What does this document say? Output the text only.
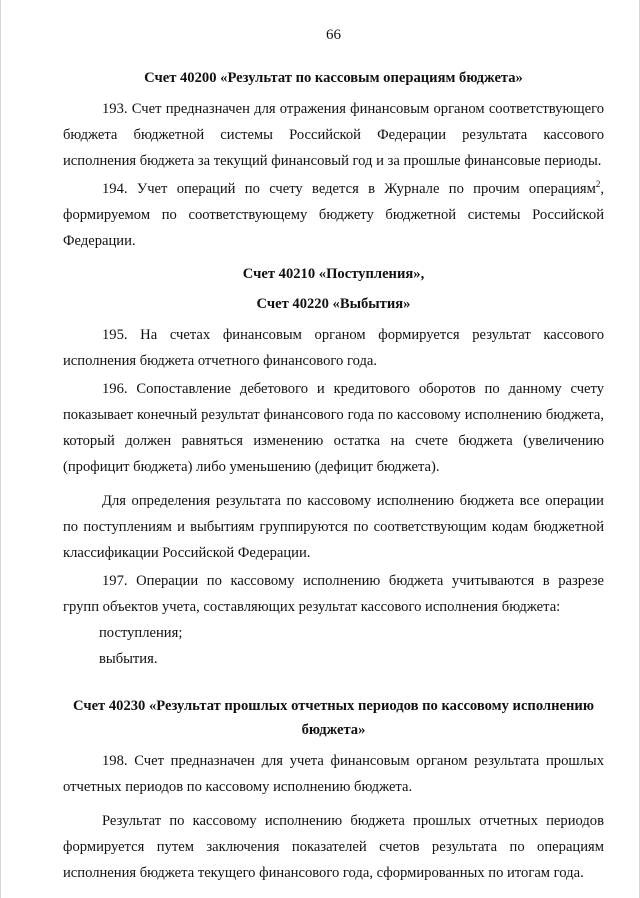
66
Счет 40200 «Результат по кассовым операциям бюджета»

193. Счет предназначен для отражения финансовым органом соответствующего бюджета бюджетной системы Российской Федерации результата кассового исполнения бюджета за текущий финансовый год и за прошлые финансовые периоды.

194. Учет операций по счету ведется в Журнале по прочим операциям$^2$, формируемом по соответствующему бюджету бюджетной системы Российской Федерации.

Счет 40210 «Поступления»,
Счет 40220 «Выбытия»

195. На счетах финансовым органом формируется результат кассового исполнения бюджета отчетного финансового года.

196. Сопоставление дебетового и кредитового оборотов по данному счету показывает конечный результат финансового года по кассовому исполнению бюджета, который должен равняться изменению остатка на счете бюджета (увеличению (профицит бюджета) либо уменьшению (дефицит бюджета).

Для определения результата по кассовому исполнению бюджета все операции по поступлениям и выбытиям группируются по соответствующим кодам бюджетной классификации Российской Федерации.

197. Операции по кассовому исполнению бюджета учитываются в разрезе групп объектов учета, составляющих результат кассового исполнения бюджета:

поступления;

выбытия.

Счет 40230 «Результат прошлых отчетных периодов по кассовому исполнению
бюджета»

198. Счет предназначен для учета финансовым органом результата прошлых отчетных периодов по кассовому исполнению бюджета.

Результат по кассовому исполнению бюджета прошлых отчетных периодов формируется путем заключения показателей счетов результата по операциям исполнения бюджета текущего финансового года, сформированных по итогам года.
